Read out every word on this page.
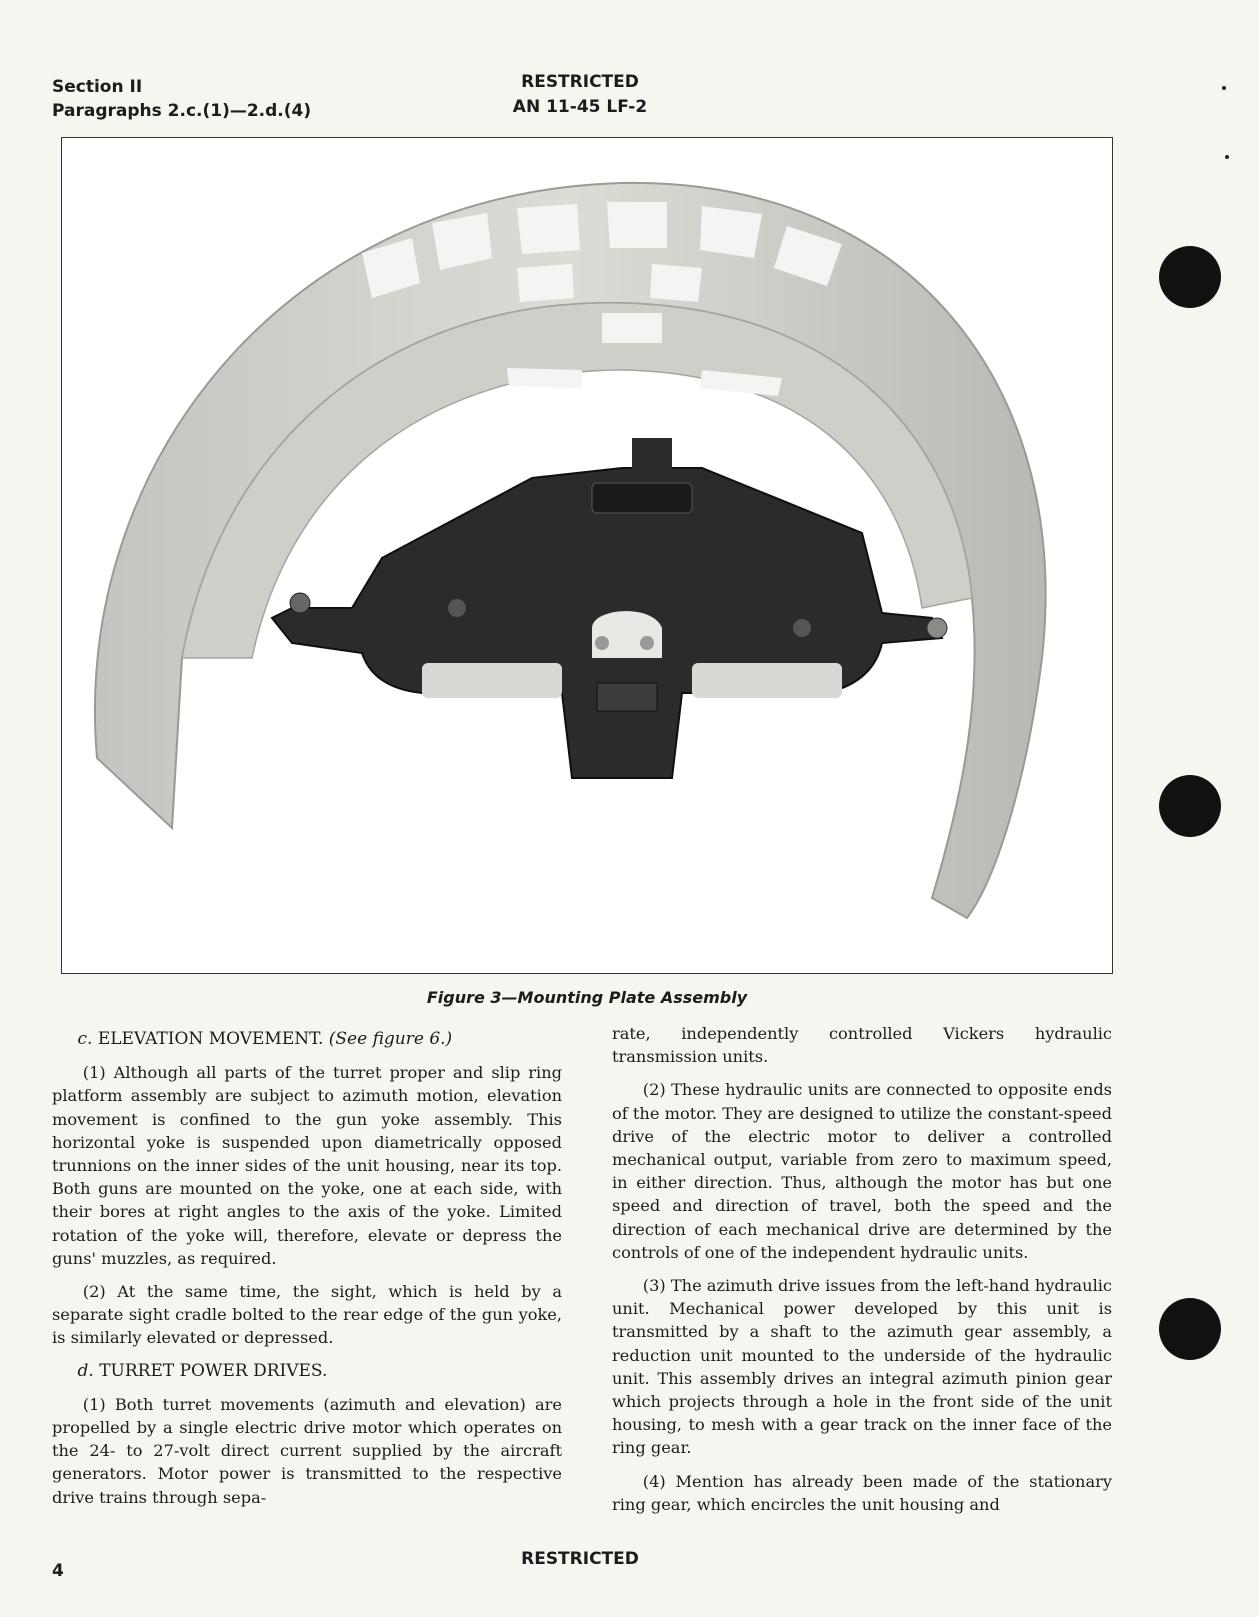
Section II
Paragraphs 2.c.(1)—2.d.(4)
RESTRICTED
AN 11-45 LF-2
Figure 3—Mounting Plate Assembly

c. ELEVATION MOVEMENT. (See figure 6.)

(1) Although all parts of the turret proper and slip ring platform assembly are subject to azimuth motion, elevation movement is confined to the gun yoke assembly. This horizontal yoke is suspended upon diametrically opposed trunnions on the inner sides of the unit housing, near its top. Both guns are mounted on the yoke, one at each side, with their bores at right angles to the axis of the yoke. Limited rotation of the yoke will, therefore, elevate or depress the guns' muzzles, as required.

(2) At the same time, the sight, which is held by a separate sight cradle bolted to the rear edge of the gun yoke, is similarly elevated or depressed.

d. TURRET POWER DRIVES.

(1) Both turret movements (azimuth and elevation) are propelled by a single electric drive motor which operates on the 24- to 27-volt direct current supplied by the aircraft generators. Motor power is transmitted to the respective drive trains through sepa-

rate, independently controlled Vickers hydraulic transmission units.

(2) These hydraulic units are connected to opposite ends of the motor. They are designed to utilize the constant-speed drive of the electric motor to deliver a controlled mechanical output, variable from zero to maximum speed, in either direction. Thus, although the motor has but one speed and direction of travel, both the speed and the direction of each mechanical drive are determined by the controls of one of the independent hydraulic units.

(3) The azimuth drive issues from the left-hand hydraulic unit. Mechanical power developed by this unit is transmitted by a shaft to the azimuth gear assembly, a reduction unit mounted to the underside of the hydraulic unit. This assembly drives an integral azimuth pinion gear which projects through a hole in the front side of the unit housing, to mesh with a gear track on the inner face of the ring gear.

(4) Mention has already been made of the stationary ring gear, which encircles the unit housing and

4
RESTRICTED
